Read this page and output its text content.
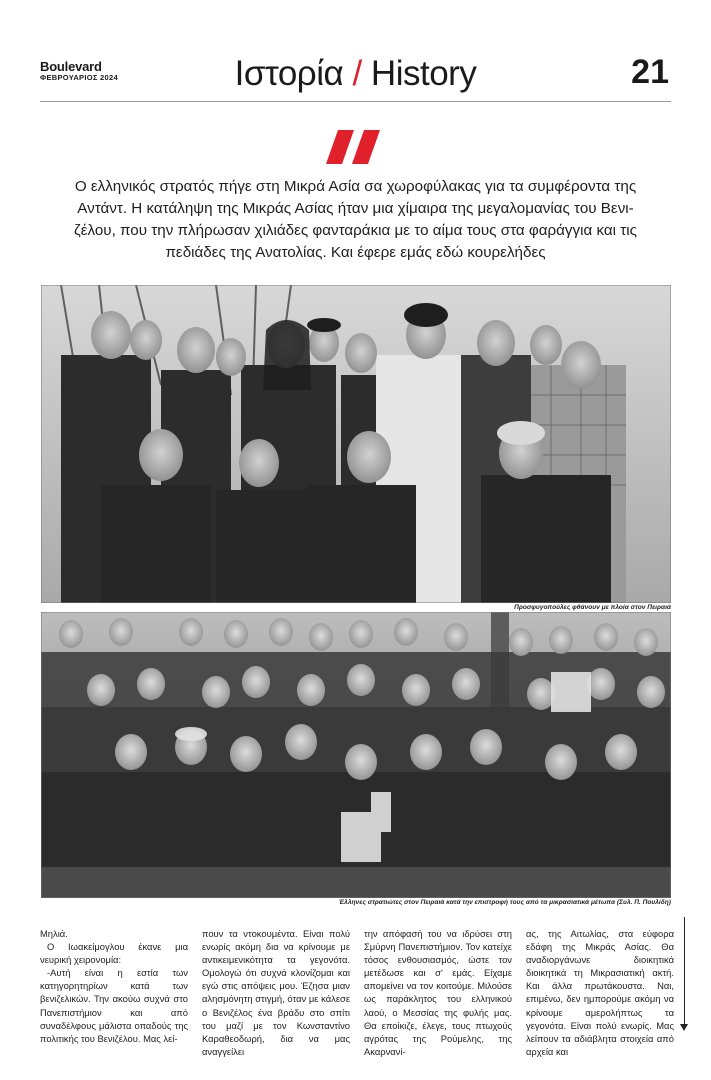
Boulevard
ΦΕΒΡΟΥΑΡΙΟΣ 2024	Ιστορία / History	21
Ο ελληνικός στρατός πήγε στη Μικρά Ασία σα χωροφύλακας για τα συμφέροντα της
Αντάντ. Η κατάληψη της Μικράς Ασίας ήταν μια χίμαιρα της μεγαλομανίας του Βενι-
ζέλου, που την πλήρωσαν χιλιάδες φανταράκια με το αίμα τους στα φαράγγια και τις
πεδιάδες της Ανατολίας. Και έφερε εμάς εδώ κουρελήδες
Προσφυγοπούλες φθάνουν με πλοία στον Πειραιά
Έλληνες στρατιώτες στον Πειραιά κατά την επιστροφή τους από τα μικρασιατικά μέτωπα (Συλ. Π. Πουλίδη)

Μηλιά.

Ο Ιωακείμογλου έκανε μια νευρική χειρονομία:

-Αυτή είναι η εστία των κατηγορητηρίων κατά των βενιζελικών. Την ακούω συχνά στο Πανεπιστήμιον και από συναδέλφους μάλιστα οπαδούς της πολιτικής του Βενιζέλου. Μας λεί-

πουν τα ντοκουμέντα. Είναι πολύ ενωρίς ακόμη δια να κρίνουμε με αντικειμενικότητα τα γεγονότα. Ομολογώ ότι συχνά κλονίζομαι και εγώ στις απόψεις μου. Έζησα μιαν αλησμόνητη στιγμή, όταν με κάλεσε ο Βενιζέλος ένα βράδυ στο σπίτι του μαζί με τον Κωνσταντίνο Καραθεοδωρή, δια να μας αναγγείλει

την απόφασή του να ιδρύσει στη Σμύρνη Πανεπιστήμιον. Τον κατείχε τόσος ενθουσιασμός, ώστε τον μετέδωσε και σ' εμάς. Είχαμε απομείνει να τον κοιτούμε. Μιλούσε ως παράκλητος του ελληνικού λαού, ο Μεσσίας της φυλής μας. Θα εποίκιζε, έλεγε, τους πτωχούς αγρότας της Ρούμελης, της Ακαρνανί-

ας, της Αιτωλίας, στα εύφορα εδάφη της Μικράς Ασίας. Θα αναδιοργάνωνε διοικητικά διοικητικά τη Μικρασιατική ακτή. Και άλλα πρωτάκουστα. Ναι, επιμένω, δεν ημπορούμε ακόμη να κρίνουμε αμερολήπτως τα γεγονότα. Είναι πολύ ενωρίς. Μας λείπουν τα αδιάβλητα στοιχεία από αρχεία και
